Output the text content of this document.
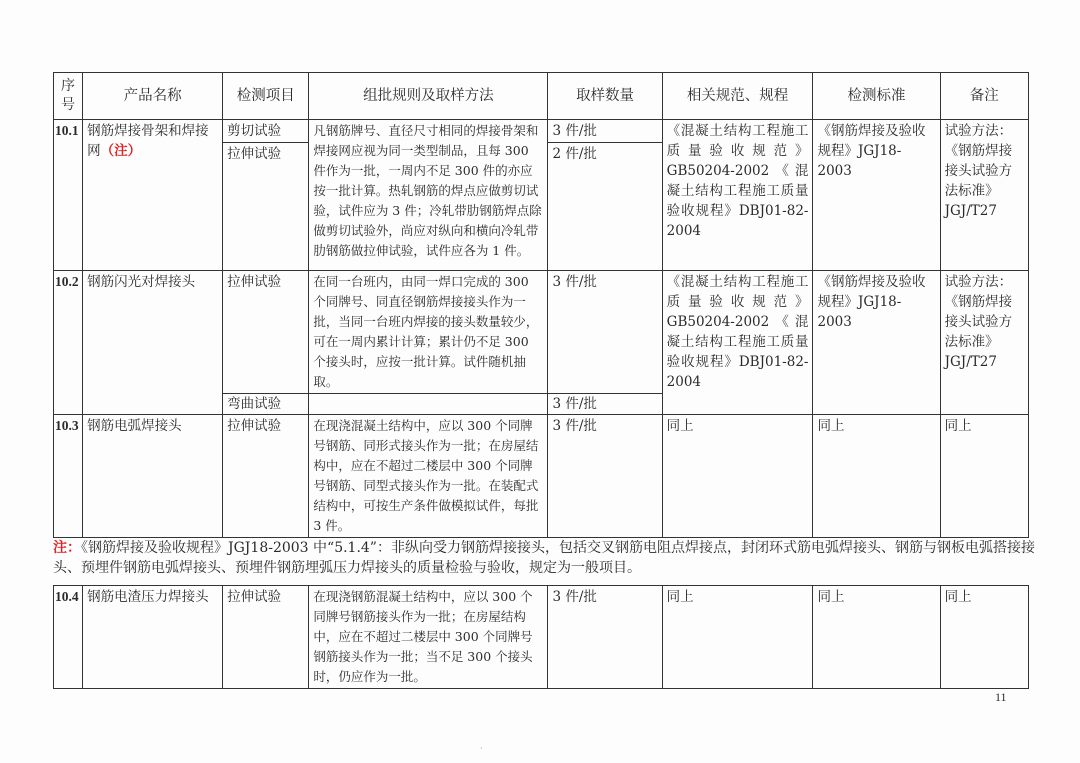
序号	产品名称	检测项目	组批规则及取样方法	取样数量	相关规范、规程	检测标准	备注
10.1	钢筋焊接骨架和焊接网（注）	剪切试验	凡钢筋牌号、直径尺寸相同的焊接骨架和焊接网应视为同一类型制品，且每 300 件作为一批，一周内不足 300 件的亦应按一批计算。热轧钢筋的焊点应做剪切试验，试件应为 3 件；冷轧带肋钢筋焊点除做剪切试验外，尚应对纵向和横向冷轧带肋钢筋做拉伸试验，试件应各为 1 件。	3 件/批	《混凝土结构工程施工质量验收规范》GB50204-2002《混凝土结构工程施工质量验收规程》DBJ01-82-2004	《钢筋焊接及验收规程》JGJ18-2003	试验方法：《钢筋焊接接头试验方法标准》JGJ/T27
		拉伸试验		2 件/批			
10.2	钢筋闪光对焊接头	拉伸试验	在同一台班内，由同一焊口完成的 300 个同牌号、同直径钢筋焊接接头作为一批，当同一台班内焊接的接头数量较少，可在一周内累计计算；累计仍不足 300 个接头时，应按一批计算。试件随机抽取。	3 件/批	《混凝土结构工程施工质量验收规范》GB50204-2002《混凝土结构工程施工质量验收规程》DBJ01-82-2004	《钢筋焊接及验收规程》JGJ18-2003	试验方法：《钢筋焊接接头试验方法标准》JGJ/T27
		弯曲试验		3 件/批			
10.3	钢筋电弧焊接头	拉伸试验	在现浇混凝土结构中，应以 300 个同牌号钢筋、同形式接头作为一批；在房屋结构中，应在不超过二楼层中 300 个同牌号钢筋、同型式接头作为一批。在装配式结构中，可按生产条件做模拟试件，每批 3 件。	3 件/批	同上	同上	同上
注：《钢筋焊接及验收规程》JGJ18-2003 中“5.1.4”：非纵向受力钢筋焊接接头，包括交叉钢筋电阻点焊接点，封闭环式筋电弧焊接头、钢筋与钢板电弧搭接接头、预埋件钢筋电弧焊接头、预埋件钢筋埋弧压力焊接头的质量检验与验收，规定为一般项目。
10.4	钢筋电渣压力焊接头	拉伸试验	在现浇钢筋混凝土结构中，应以 300 个同牌号钢筋接头作为一批；在房屋结构中，应在不超过二楼层中 300 个同牌号钢筋接头作为一批；当不足 300 个接头时，仍应作为一批。	3 件/批	同上	同上	同上
11
·
